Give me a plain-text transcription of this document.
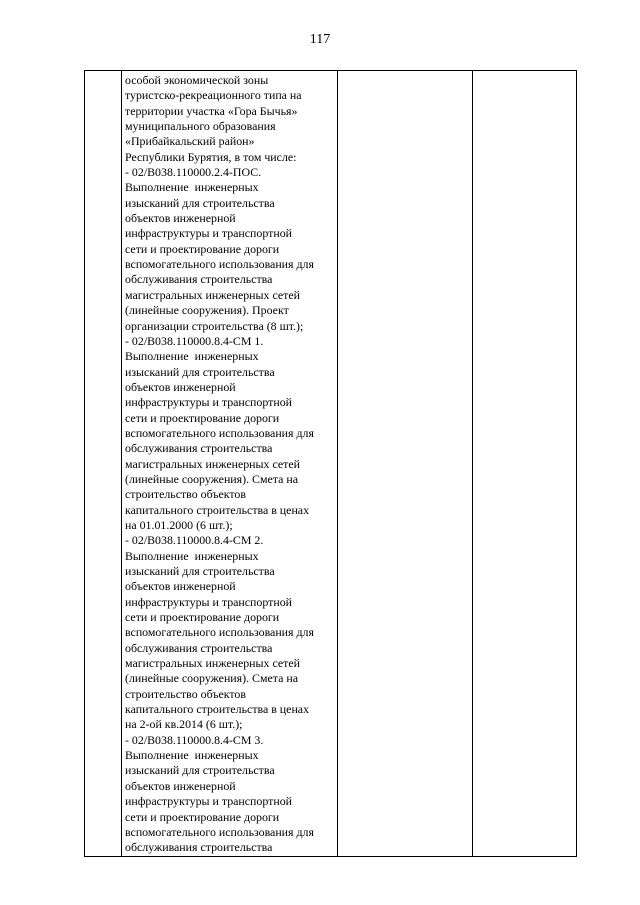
117

особой экономической зоны
туристско-рекреационного типа на
территории участка «Гора Бычья»
муниципального образования
«Прибайкальский район»
Республики Бурятия, в том числе:
- 02/В038.110000.2.4-ПОС.
Выполнение  инженерных
изысканий для строительства
объектов инженерной
инфраструктуры и транспортной
сети и проектирование дороги
вспомогательного использования для
обслуживания строительства
магистральных инженерных сетей
(линейные сооружения). Проект
организации строительства (8 шт.);
- 02/В038.110000.8.4-СМ 1.
Выполнение  инженерных
изысканий для строительства
объектов инженерной
инфраструктуры и транспортной
сети и проектирование дороги
вспомогательного использования для
обслуживания строительства
магистральных инженерных сетей
(линейные сооружения). Смета на
строительство объектов
капитального строительства в ценах
на 01.01.2000 (6 шт.);
- 02/В038.110000.8.4-СМ 2.
Выполнение  инженерных
изысканий для строительства
объектов инженерной
инфраструктуры и транспортной
сети и проектирование дороги
вспомогательного использования для
обслуживания строительства
магистральных инженерных сетей
(линейные сооружения). Смета на
строительство объектов
капитального строительства в ценах
на 2-ой кв.2014 (6 шт.);
- 02/В038.110000.8.4-СМ 3.
Выполнение  инженерных
изысканий для строительства
объектов инженерной
инфраструктуры и транспортной
сети и проектирование дороги
вспомогательного использования для
обслуживания строительства
